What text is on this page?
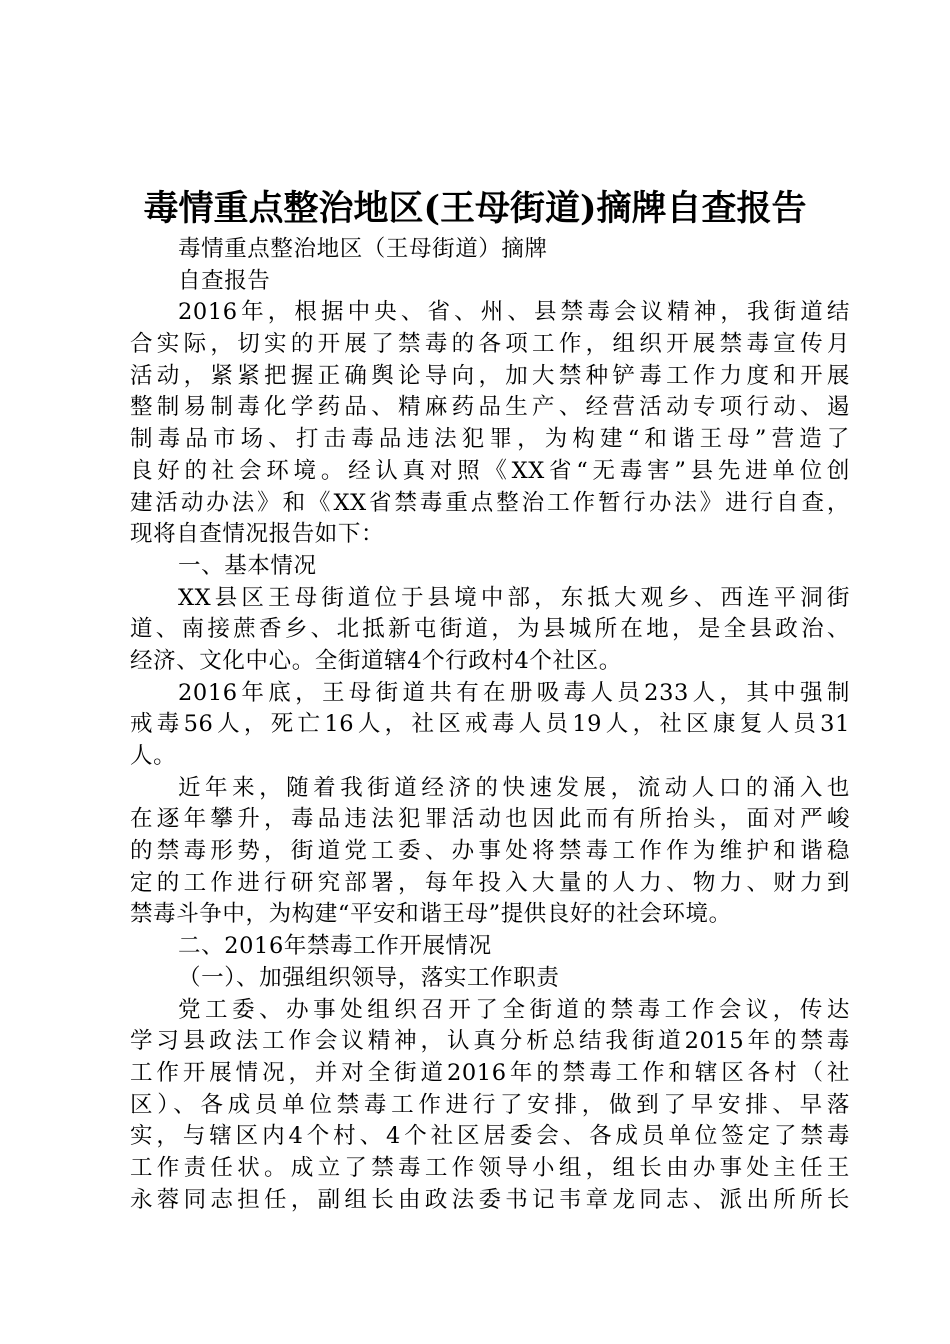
毒情重点整治地区(王母街道)摘牌自查报告
毒情重点整治地区（王母街道）摘牌
自查报告
2016年，根据中央、省、州、县禁毒会议精神，我街道结
合实际，切实的开展了禁毒的各项工作，组织开展禁毒宣传月
活动，紧紧把握正确舆论导向，加大禁种铲毒工作力度和开展
整制易制毒化学药品、精麻药品生产、经营活动专项行动、遏
制毒品市场、打击毒品违法犯罪，为构建“和谐王母”营造了
良好的社会环境。经认真对照《XX省“无毒害”县先进单位创
建活动办法》和《XX省禁毒重点整治工作暂行办法》进行自查，
现将自查情况报告如下：
一、基本情况
XX县区王母街道位于县境中部，东抵大观乡、西连平洞街
道、南接蔗香乡、北抵新屯街道，为县城所在地，是全县政治、
经济、文化中心。全街道辖4个行政村4个社区。
2016年底，王母街道共有在册吸毒人员233人，其中强制
戒毒56人，死亡16人，社区戒毒人员19人，社区康复人员31
人。
近年来，随着我街道经济的快速发展，流动人口的涌入也
在逐年攀升，毒品违法犯罪活动也因此而有所抬头，面对严峻
的禁毒形势，街道党工委、办事处将禁毒工作作为维护和谐稳
定的工作进行研究部署，每年投入大量的人力、物力、财力到
禁毒斗争中，为构建“平安和谐王母”提供良好的社会环境。
二、2016年禁毒工作开展情况
（一）、加强组织领导，落实工作职责
党工委、办事处组织召开了全街道的禁毒工作会议，传达
学习县政法工作会议精神，认真分析总结我街道2015年的禁毒
工作开展情况，并对全街道2016年的禁毒工作和辖区各村（社
区）、各成员单位禁毒工作进行了安排，做到了早安排、早落
实，与辖区内4个村、4个社区居委会、各成员单位签定了禁毒
工作责任状。成立了禁毒工作领导小组，组长由办事处主任王
永蓉同志担任，副组长由政法委书记韦章龙同志、派出所所长
